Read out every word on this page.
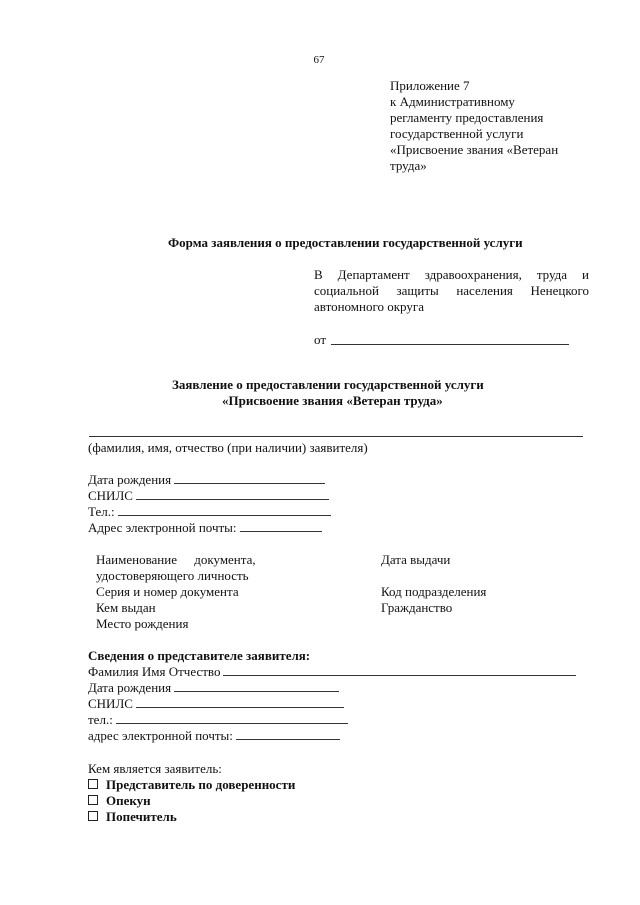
67
Приложение 7
к Административному
регламенту предоставления
государственной услуги
«Присвоение звания «Ветеран
труда»
Форма заявления о предоставлении государственной услуги
В Департамент здравоохранения, труда и
социальной защиты населения Ненецкого
автономного округа
от
Заявление о предоставлении государственной услуги
«Присвоение звания «Ветеран труда»
(фамилия, имя, отчество (при наличии) заявителя)
Дата рождения
СНИЛС
Тел.:
Адрес электронной почты:
Наименование документа,
удостоверяющего личность
Серия и номер документа
Кем выдан
Место рождения
Дата выдачи
Код подразделения
Гражданство
Сведения о представителе заявителя:
Фамилия Имя Отчество
Дата рождения
СНИЛС
тел.:
адрес электронной почты:
Кем является заявитель:
Представитель по доверенности
Опекун
Попечитель
